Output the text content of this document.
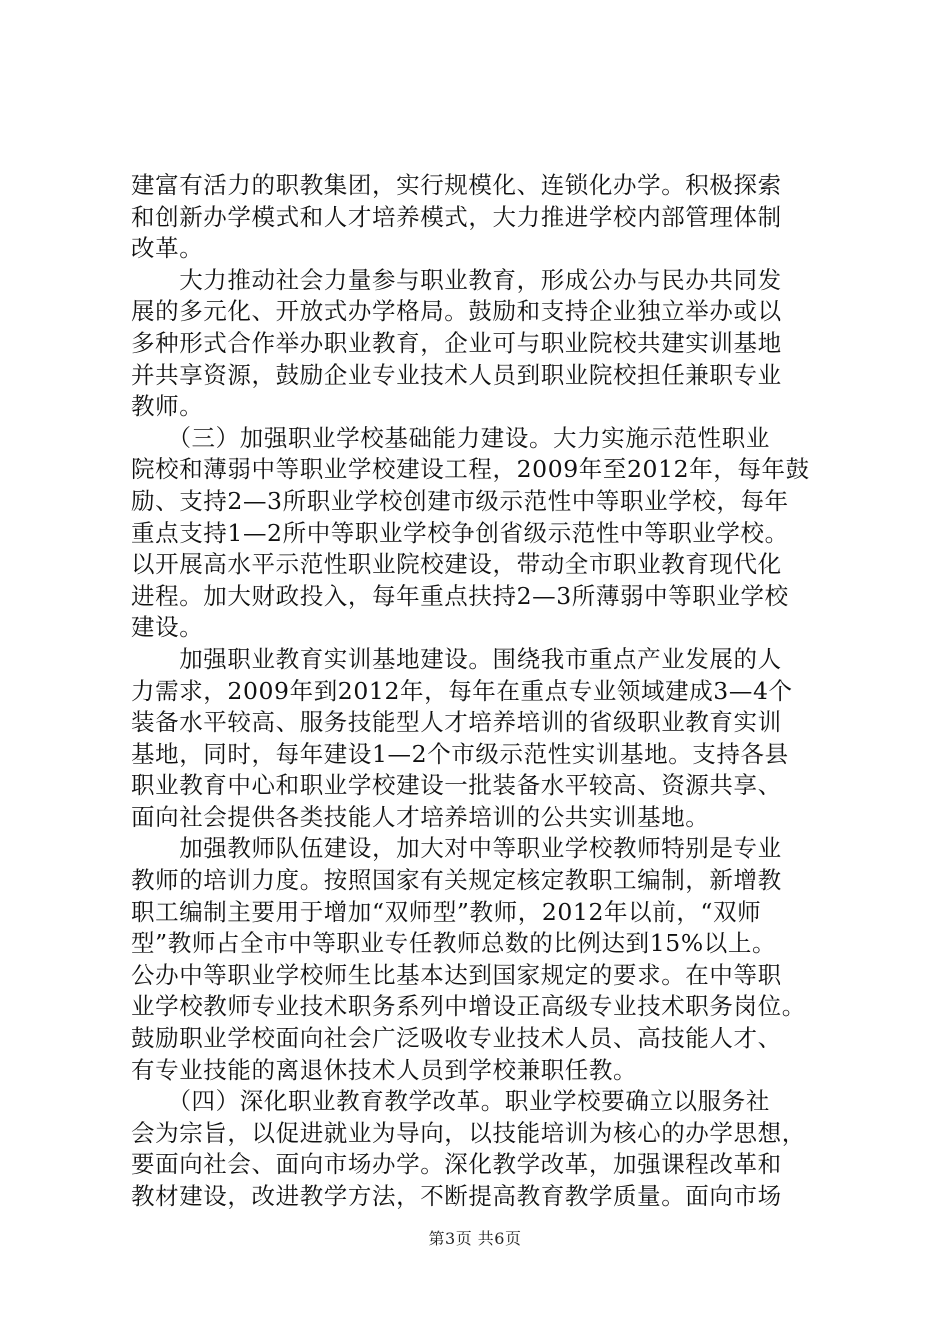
建富有活力的职教集团，实行规模化、连锁化办学。积极探索
和创新办学模式和人才培养模式，大力推进学校内部管理体制
改革。
　　大力推动社会力量参与职业教育，形成公办与民办共同发
展的多元化、开放式办学格局。鼓励和支持企业独立举办或以
多种形式合作举办职业教育，企业可与职业院校共建实训基地
并共享资源，鼓励企业专业技术人员到职业院校担任兼职专业
教师。
　　（三）加强职业学校基础能力建设。大力实施示范性职业
院校和薄弱中等职业学校建设工程，2009年至2012年，每年鼓
励、支持2—3所职业学校创建市级示范性中等职业学校，每年
重点支持1—2所中等职业学校争创省级示范性中等职业学校。
以开展高水平示范性职业院校建设，带动全市职业教育现代化
进程。加大财政投入，每年重点扶持2—3所薄弱中等职业学校
建设。
　　加强职业教育实训基地建设。围绕我市重点产业发展的人
力需求，2009年到2012年，每年在重点专业领域建成3—4个
装备水平较高、服务技能型人才培养培训的省级职业教育实训
基地，同时，每年建设1—2个市级示范性实训基地。支持各县
职业教育中心和职业学校建设一批装备水平较高、资源共享、
面向社会提供各类技能人才培养培训的公共实训基地。
　　加强教师队伍建设，加大对中等职业学校教师特别是专业
教师的培训力度。按照国家有关规定核定教职工编制，新增教
职工编制主要用于增加“双师型”教师，2012年以前，“双师
型”教师占全市中等职业专任教师总数的比例达到15%以上。
公办中等职业学校师生比基本达到国家规定的要求。在中等职
业学校教师专业技术职务系列中增设正高级专业技术职务岗位。
鼓励职业学校面向社会广泛吸收专业技术人员、高技能人才、
有专业技能的离退休技术人员到学校兼职任教。
　　（四）深化职业教育教学改革。职业学校要确立以服务社
会为宗旨，以促进就业为导向，以技能培训为核心的办学思想，
要面向社会、面向市场办学。深化教学改革，加强课程改革和
教材建设，改进教学方法，不断提高教育教学质量。面向市场
第3页 共6页
